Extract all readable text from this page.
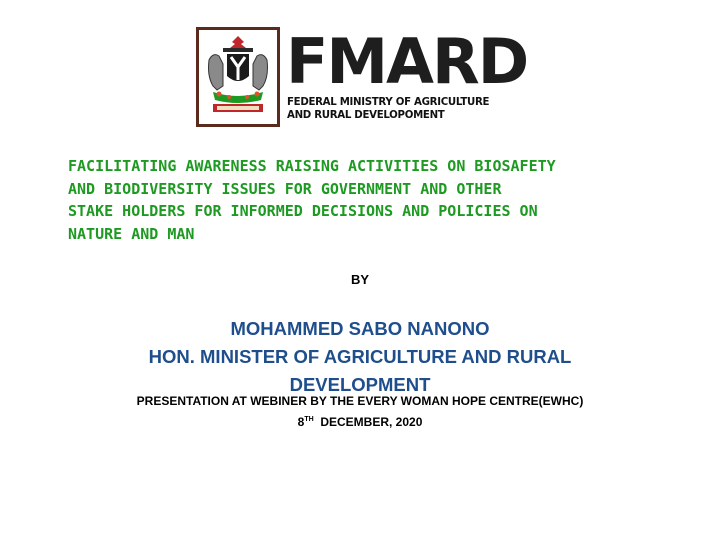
FMARD
FEDERAL MINISTRY OF AGRICULTURE
AND RURAL DEVELOPOMENT
FACILITATING AWARENESS RAISING ACTIVITIES ON BIOSAFETY
AND BIODIVERSITY ISSUES FOR GOVERNMENT AND OTHER
STAKE HOLDERS FOR INFORMED DECISIONS AND POLICIES ON
NATURE AND MAN
BY
MOHAMMED SABO NANONO
HON. MINISTER OF AGRICULTURE AND RURAL
DEVELOPMENT
PRESENTATION AT WEBINER BY THE EVERY WOMAN HOPE CENTRE(EWHC)
8TH DECEMBER, 2020
